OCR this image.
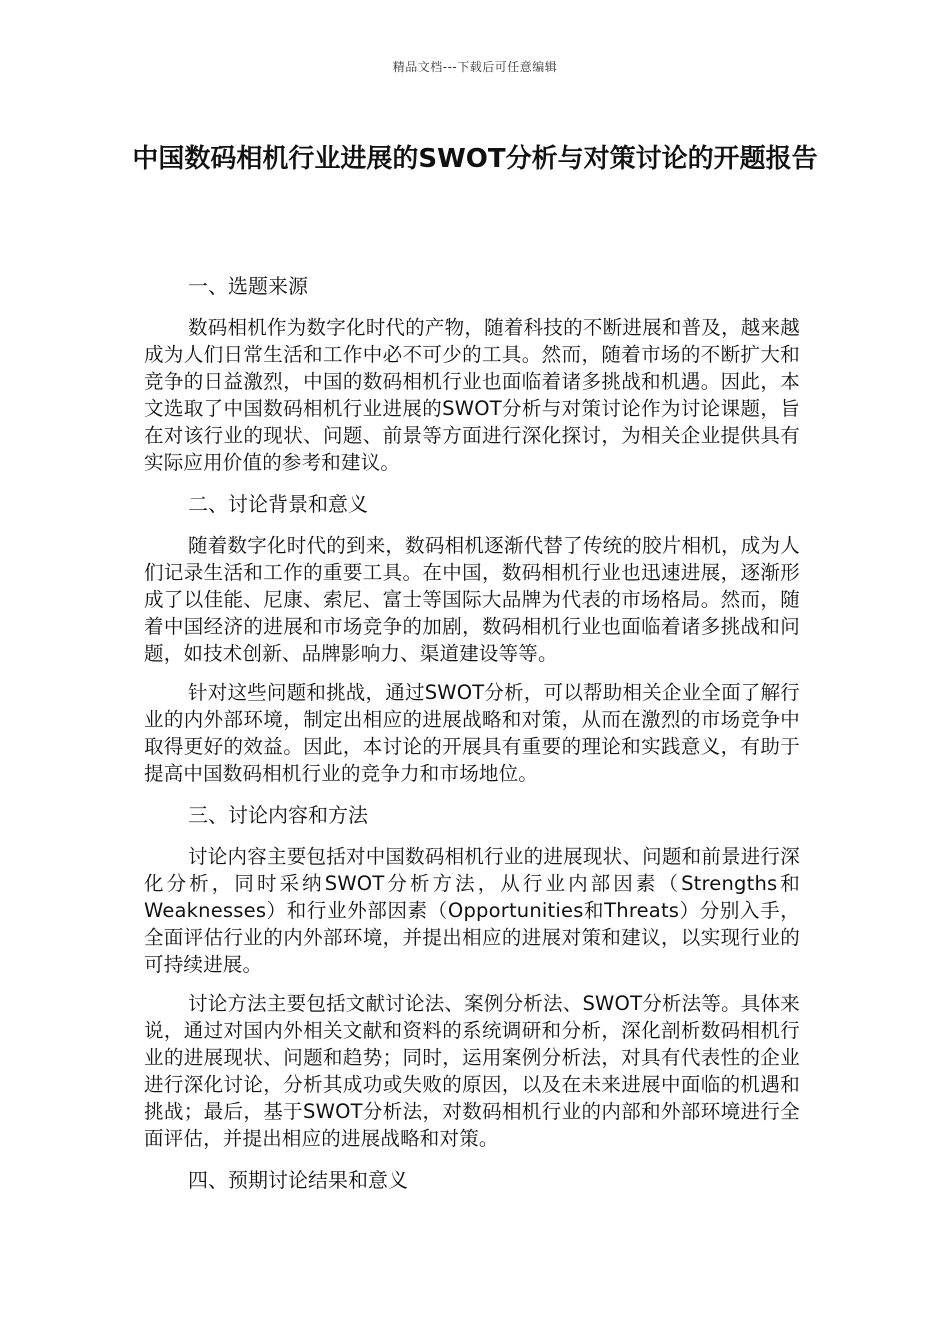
精品文档---下载后可任意编辑
中国数码相机行业进展的SWOT分析与对策讨论的开题报告

一、选题来源

数码相机作为数字化时代的产物，随着科技的不断进展和普及，越来越成为人们日常生活和工作中必不可少的工具。然而，随着市场的不断扩大和竞争的日益激烈，中国的数码相机行业也面临着诸多挑战和机遇。因此，本文选取了中国数码相机行业进展的SWOT分析与对策讨论作为讨论课题，旨在对该行业的现状、问题、前景等方面进行深化探讨，为相关企业提供具有实际应用价值的参考和建议。

二、讨论背景和意义

随着数字化时代的到来，数码相机逐渐代替了传统的胶片相机，成为人们记录生活和工作的重要工具。在中国，数码相机行业也迅速进展，逐渐形成了以佳能、尼康、索尼、富士等国际大品牌为代表的市场格局。然而，随着中国经济的进展和市场竞争的加剧，数码相机行业也面临着诸多挑战和问题，如技术创新、品牌影响力、渠道建设等等。

针对这些问题和挑战，通过SWOT分析，可以帮助相关企业全面了解行业的内外部环境，制定出相应的进展战略和对策，从而在激烈的市场竞争中取得更好的效益。因此，本讨论的开展具有重要的理论和实践意义，有助于提高中国数码相机行业的竞争力和市场地位。

三、讨论内容和方法

讨论内容主要包括对中国数码相机行业的进展现状、问题和前景进行深化分析，同时采纳SWOT分析方法，从行业内部因素（Strengths和Weaknesses）和行业外部因素（Opportunities和Threats）分别入手，全面评估行业的内外部环境，并提出相应的进展对策和建议，以实现行业的可持续进展。

讨论方法主要包括文献讨论法、案例分析法、SWOT分析法等。具体来说，通过对国内外相关文献和资料的系统调研和分析，深化剖析数码相机行业的进展现状、问题和趋势；同时，运用案例分析法，对具有代表性的企业进行深化讨论，分析其成功或失败的原因，以及在未来进展中面临的机遇和挑战；最后，基于SWOT分析法，对数码相机行业的内部和外部环境进行全面评估，并提出相应的进展战略和对策。

四、预期讨论结果和意义
